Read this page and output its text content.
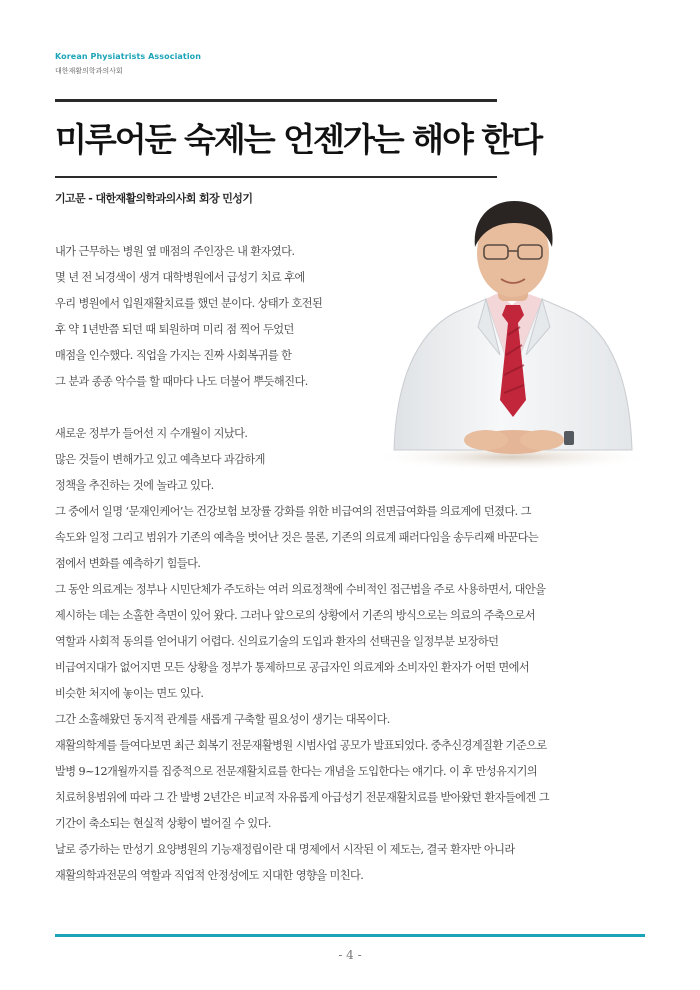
Korean Physiatrists Association
대한재활의학과의사회
미루어둔 숙제는 언젠가는 해야 한다
기고문 - 대한재활의학과의사회 회장 민성기
내가 근무하는 병원 옆 매점의 주인장은 내 환자였다.
몇 년 전 뇌경색이 생겨 대학병원에서 급성기 치료 후에
우리 병원에서 입원재활치료를 했던 분이다. 상태가 호전된
후 약 1년반쯤 되던 때 퇴원하며 미리 점 찍어 두었던
매점을 인수했다. 직업을 가지는 진짜 사회복귀를 한
그 분과 종종 악수를 할 때마다 나도 더불어 뿌듯해진다.
새로운 정부가 들어선 지 수개월이 지났다.
많은 것들이 변해가고 있고 예측보다 과감하게
정책을 추진하는 것에 놀라고 있다.
그 중에서 일명 ‘문재인케어’는 건강보험 보장률 강화를 위한 비급여의 전면급여화를 의료계에 던졌다. 그
속도와 일정 그리고 범위가 기존의 예측을 벗어난 것은 물론, 기존의 의료계 패러다임을 송두리째 바꾼다는
점에서 변화를 예측하기 힘들다.
그 동안 의료계는 정부나 시민단체가 주도하는 여러 의료정책에 수비적인 접근법을 주로 사용하면서, 대안을
제시하는 데는 소홀한 측면이 있어 왔다. 그러나 앞으로의 상황에서 기존의 방식으로는 의료의 주축으로서
역할과 사회적 동의를 얻어내기 어렵다. 신의료기술의 도입과 환자의 선택권을 일정부분 보장하던
비급여지대가 없어지면 모든 상황을 정부가 통제하므로 공급자인 의료계와 소비자인 환자가 어떤 면에서
비슷한 처지에 놓이는 면도 있다.
그간 소홀해왔던 동지적 관계를 새롭게 구축할 필요성이 생기는 대목이다.
재활의학계를 들여다보면 최근 회복기 전문재활병원 시범사업 공모가 발표되었다. 중추신경계질환 기준으로
발병 9~12개월까지를 집중적으로 전문재활치료를 한다는 개념을 도입한다는 얘기다. 이 후 만성유지기의
치료허용범위에 따라 그 간 발병 2년간은 비교적 자유롭게 아급성기 전문재활치료를 받아왔던 환자들에겐 그
기간이 축소되는 현실적 상황이 벌어질 수 있다.
날로 증가하는 만성기 요양병원의 기능재정립이란 대 명제에서 시작된 이 제도는, 결국 환자만 아니라
재활의학과전문의 역할과 직업적 안정성에도 지대한 영향을 미친다.
- 4 -
